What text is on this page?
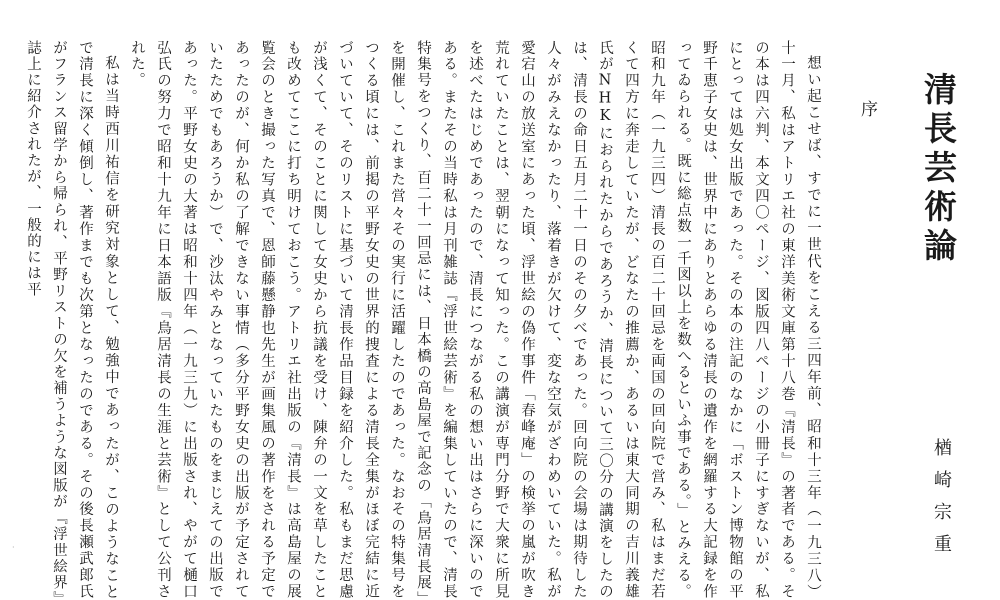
清長芸術論
序
楢崎宗重

想い起こせば、すでに一世代をこえる三四年前、昭和十三年（一九三八）十一月、私はアトリエ社の東洋美術文庫第十八巻『清長』の著者である。その本は四六判、本文四〇ページ、図版四八ページの小冊子にすぎないが、私にとっては処女出版であった。その本の注記のなかに「ボストン博物館の平野千恵子女史は、世界中にありとあらゆる清長の遺作を網羅する大記録を作ってゐられる。既に総点数一千図以上を数へるといふ事である。」とみえる。昭和九年（一九三四）清長の百二十回忌を両国の回向院で営み、私はまだ若くて四方に奔走していたが、どなたの推薦か、あるいは東大同期の吉川義雄氏がNHKにおられたからであろうか、清長について三〇分の講演をしたのは、清長の命日五月二十一日のその夕べであった。回向院の会場は期待した人々がみえなかったり、落着きが欠けて、変な空気がざわめいていた。私が愛宕山の放送室にあった頃、浮世絵の偽作事件「春峰庵」の検挙の嵐が吹き荒れていたことは、翌朝になって知った。この講演が専門分野で大衆に所見を述べたはじめであったので、清長につながる私の想い出はさらに深いのである。またその当時私は月刊雑誌『浮世絵芸術』を編集していたので、清長特集号をつくり、百二十一回忌には、日本橋の高島屋で記念の「鳥居清長展」を開催し、これまた営々その実行に活躍したのであった。なおその特集号をつくる頃には、前掲の平野女史の世界的捜査による清長全集がほぼ完結に近づいていて、そのリストに基づいて清長作品目録を紹介した。私もまだ思慮が浅くて、そのことに関して女史から抗議を受け、陳弁の一文を草したことも改めてここに打ち明けておこう。アトリエ社出版の『清長』は高島屋の展覧会のとき撮った写真で、恩師藤懸静也先生が画集風の著作をされる予定であったのが、何か私の了解できない事情（多分平野女史の出版が予定されていたためでもあろうか）で、沙汰やみとなっていたものをまじえての出版であった。平野女史の大著は昭和十四年（一九三九）に出版され、やがて樋口弘氏の努力で昭和十九年に日本語版『鳥居清長の生涯と芸術』として公刊された。

私は当時西川祐信を研究対象として、勉強中であったが、このようなことで清長に深く傾倒し、著作までも次第となったのである。その後長瀬武郎氏がフランス留学から帰られ、平野リストの欠を補うような図版が『浮世絵界』誌上に紹介されたが、一般的には平

·
